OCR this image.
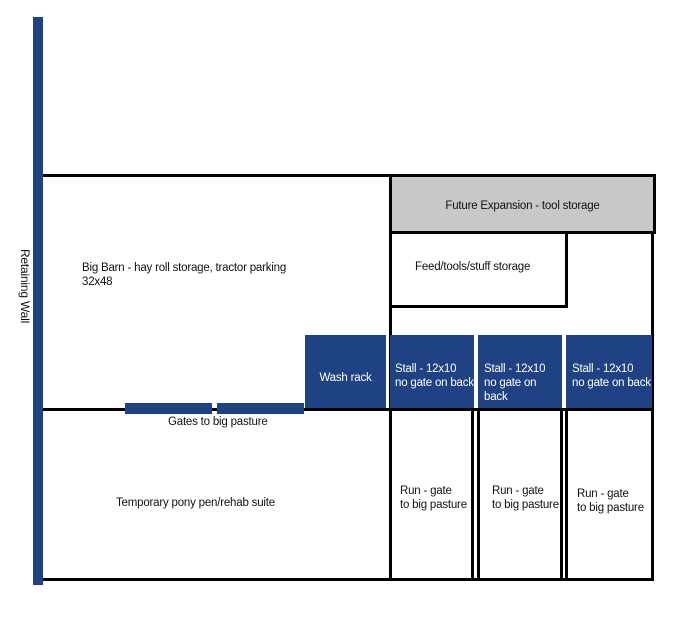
Retaining Wall
Future Expansion - tool storage
Feed/tools/stuff storage
Big Barn - hay roll storage, tractor parking
32x48
Wash rack
Stall - 12x10
no gate on back
Stall - 12x10
no gate on back
Stall - 12x10
no gate on back
Gates to big pasture
Run - gate
to big pasture
Run - gate
to big pasture
Run - gate
to big pasture
Temporary pony pen/rehab suite
